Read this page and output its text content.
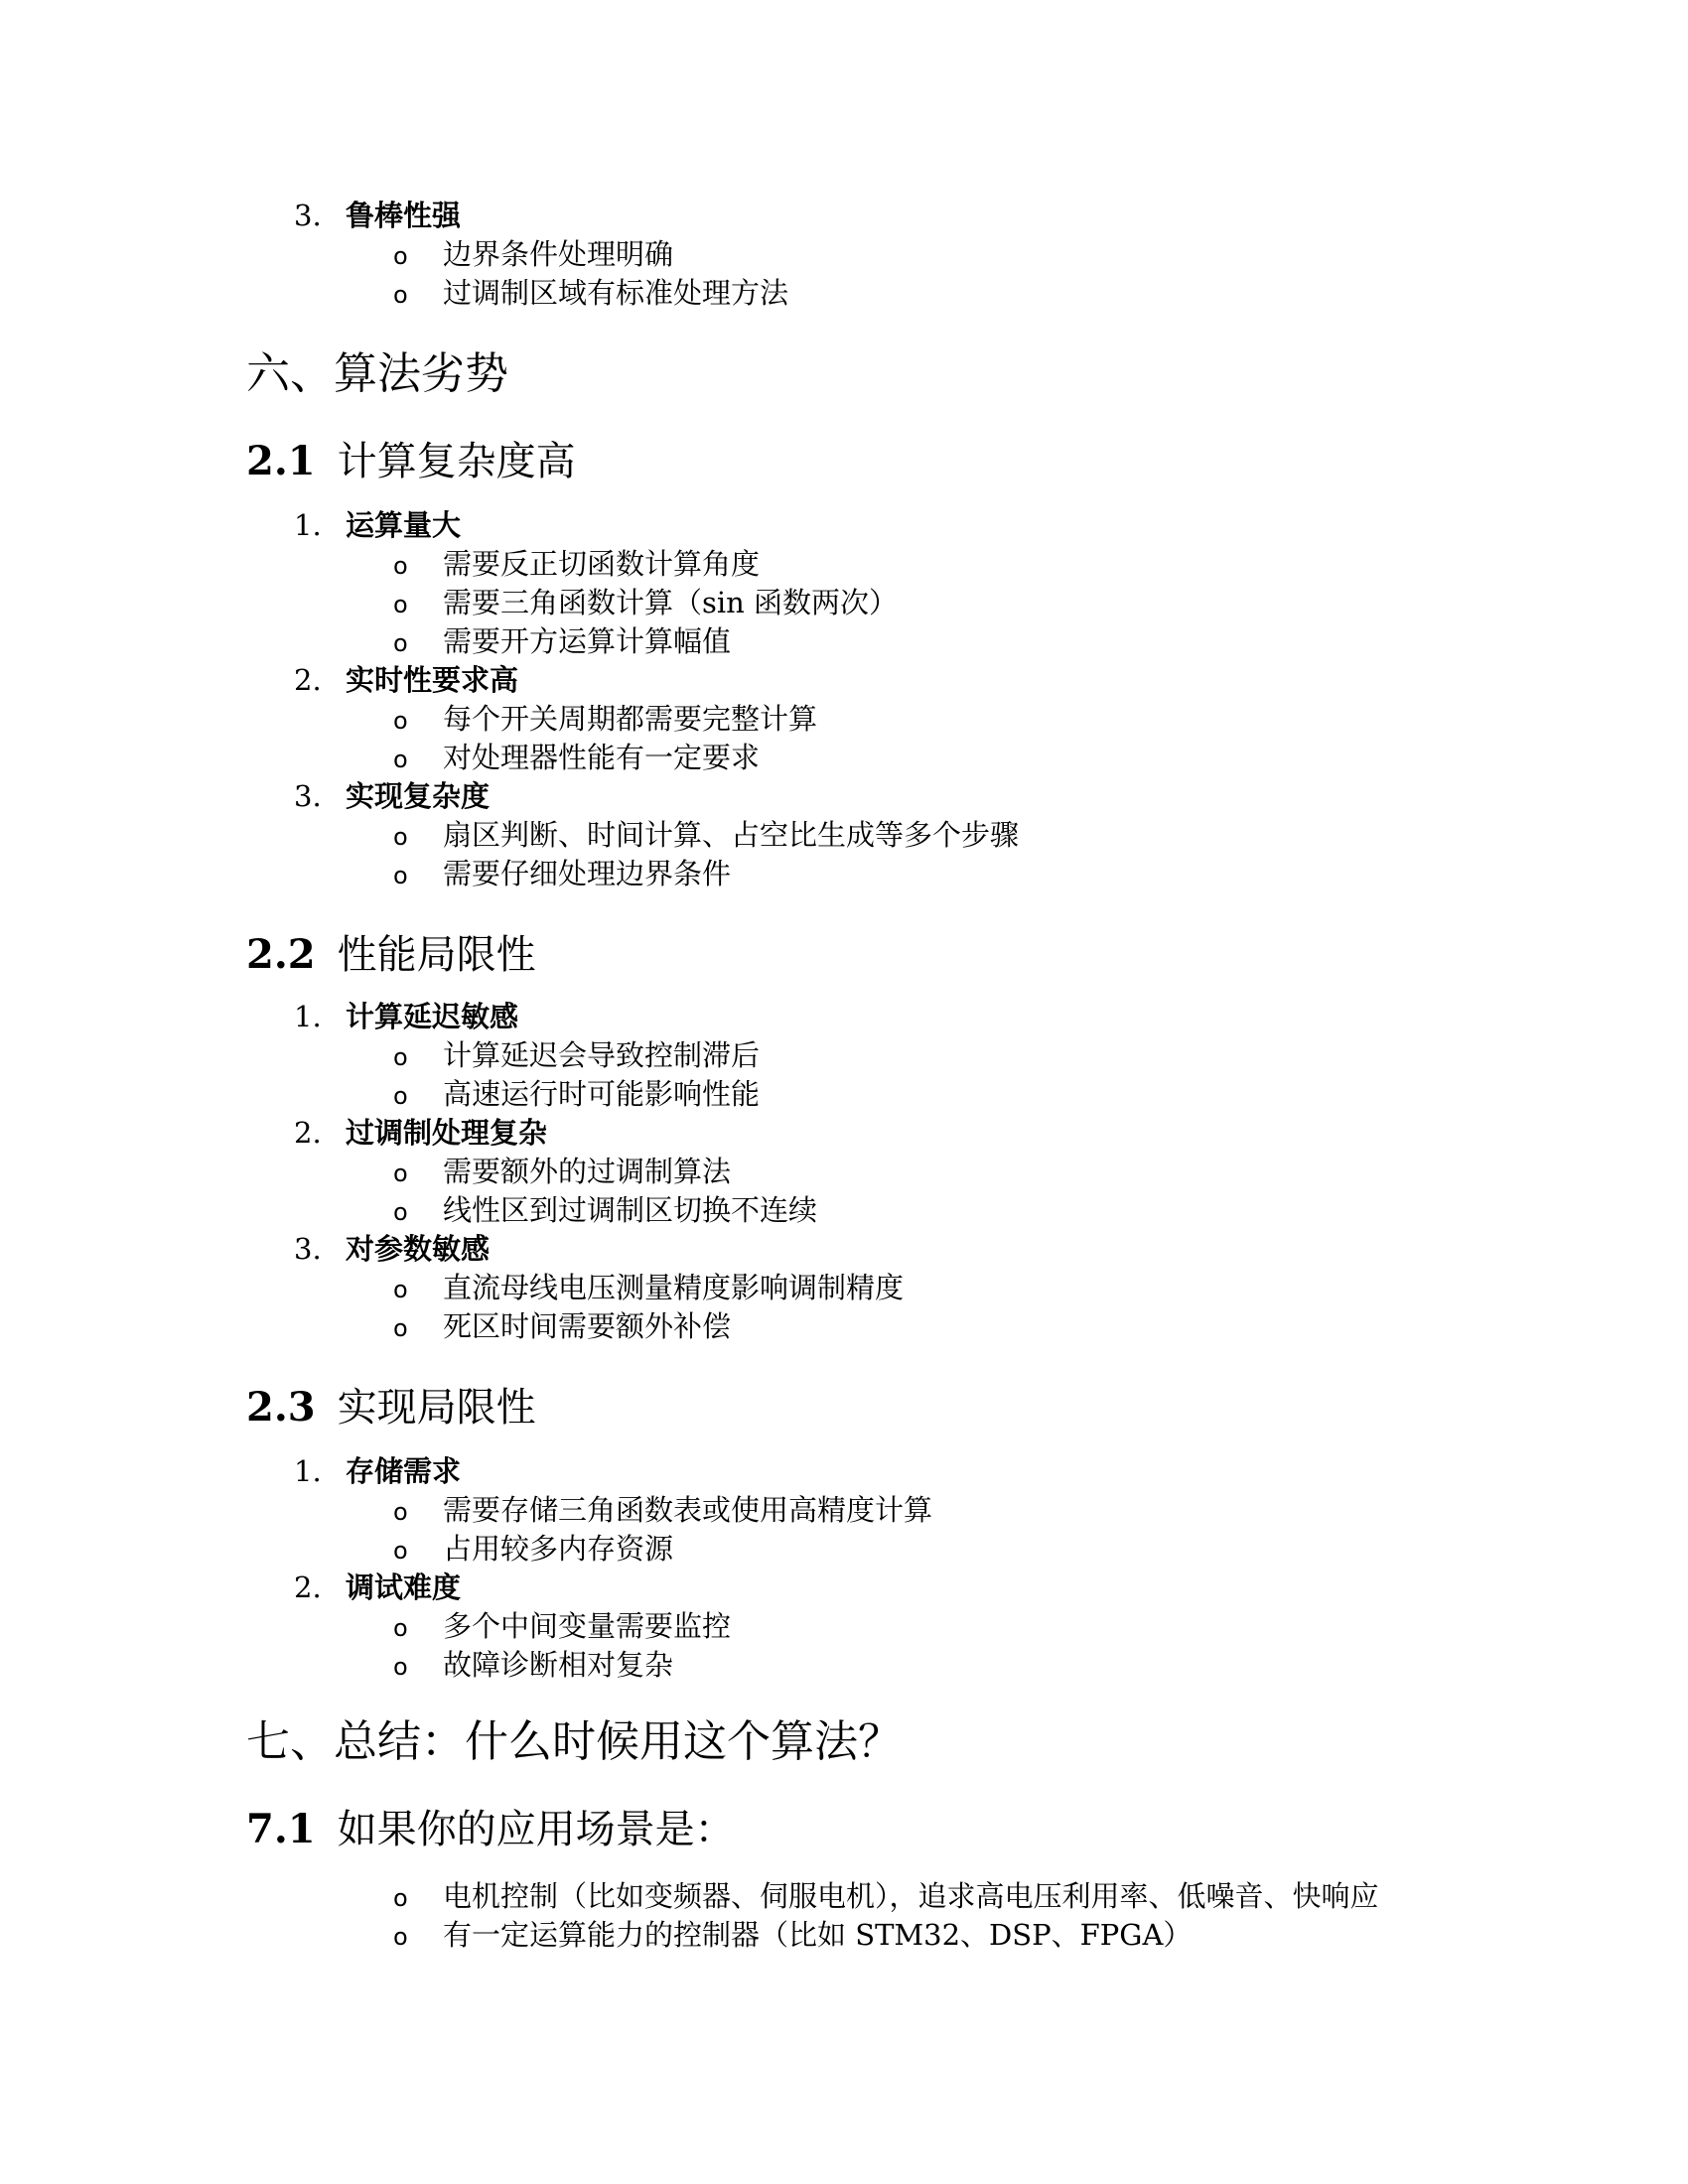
3. 鲁棒性强
o 边界条件处理明确
o 过调制区域有标准处理方法
六、算法劣势
2.1 计算复杂度高
1. 运算量大
o 需要反正切函数计算角度
o 需要三角函数计算（sin 函数两次）
o 需要开方运算计算幅值
2. 实时性要求高
o 每个开关周期都需要完整计算
o 对处理器性能有一定要求
3. 实现复杂度
o 扇区判断、时间计算、占空比生成等多个步骤
o 需要仔细处理边界条件
2.2 性能局限性
1. 计算延迟敏感
o 计算延迟会导致控制滞后
o 高速运行时可能影响性能
2. 过调制处理复杂
o 需要额外的过调制算法
o 线性区到过调制区切换不连续
3. 对参数敏感
o 直流母线电压测量精度影响调制精度
o 死区时间需要额外补偿
2.3 实现局限性
1. 存储需求
o 需要存储三角函数表或使用高精度计算
o 占用较多内存资源
2. 调试难度
o 多个中间变量需要监控
o 故障诊断相对复杂
七、总结：什么时候用这个算法？
7.1 如果你的应用场景是：
o 电机控制（比如变频器、伺服电机），追求高电压利用率、低噪音、快响应
o 有一定运算能力的控制器（比如 STM32、DSP、FPGA）
